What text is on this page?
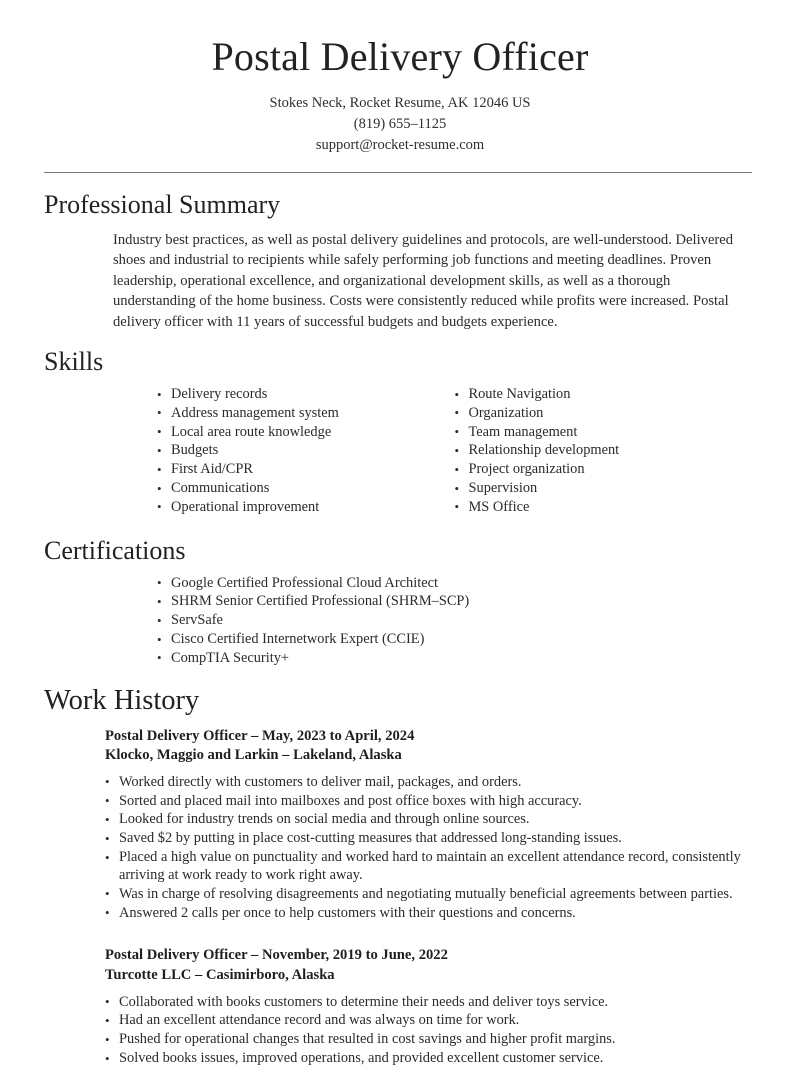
Postal Delivery Officer
Stokes Neck, Rocket Resume, AK 12046 US
(819) 655–1125
support@rocket-resume.com
Professional Summary

Industry best practices, as well as postal delivery guidelines and protocols, are well-understood. Delivered shoes and industrial to recipients while safely performing job functions and meeting deadlines. Proven leadership, operational excellence, and organizational development skills, as well as a thorough understanding of the home business. Costs were consistently reduced while profits were increased. Postal delivery officer with 11 years of successful budgets and budgets experience.

Skills
• Delivery records
• Address management system
• Local area route knowledge
• Budgets
• First Aid/CPR
• Communications
• Operational improvement
• Route Navigation
• Organization
• Team management
• Relationship development
• Project organization
• Supervision
• MS Office
Certifications
• Google Certified Professional Cloud Architect
• SHRM Senior Certified Professional (SHRM–SCP)
• ServSafe
• Cisco Certified Internetwork Expert (CCIE)
• CompTIA Security+
Work History
Postal Delivery Officer – May, 2023 to April, 2024
Klocko, Maggio and Larkin – Lakeland, Alaska
• Worked directly with customers to deliver mail, packages, and orders.
• Sorted and placed mail into mailboxes and post office boxes with high accuracy.
• Looked for industry trends on social media and through online sources.
• Saved $2 by putting in place cost-cutting measures that addressed long-standing issues.
• Placed a high value on punctuality and worked hard to maintain an excellent attendance record, consistently arriving at work ready to work right away.
• Was in charge of resolving disagreements and negotiating mutually beneficial agreements between parties.
• Answered 2 calls per once to help customers with their questions and concerns.
Postal Delivery Officer – November, 2019 to June, 2022
Turcotte LLC – Casimirboro, Alaska
• Collaborated with books customers to determine their needs and deliver toys service.
• Had an excellent attendance record and was always on time for work.
• Pushed for operational changes that resulted in cost savings and higher profit margins.
• Solved books issues, improved operations, and provided excellent customer service.
